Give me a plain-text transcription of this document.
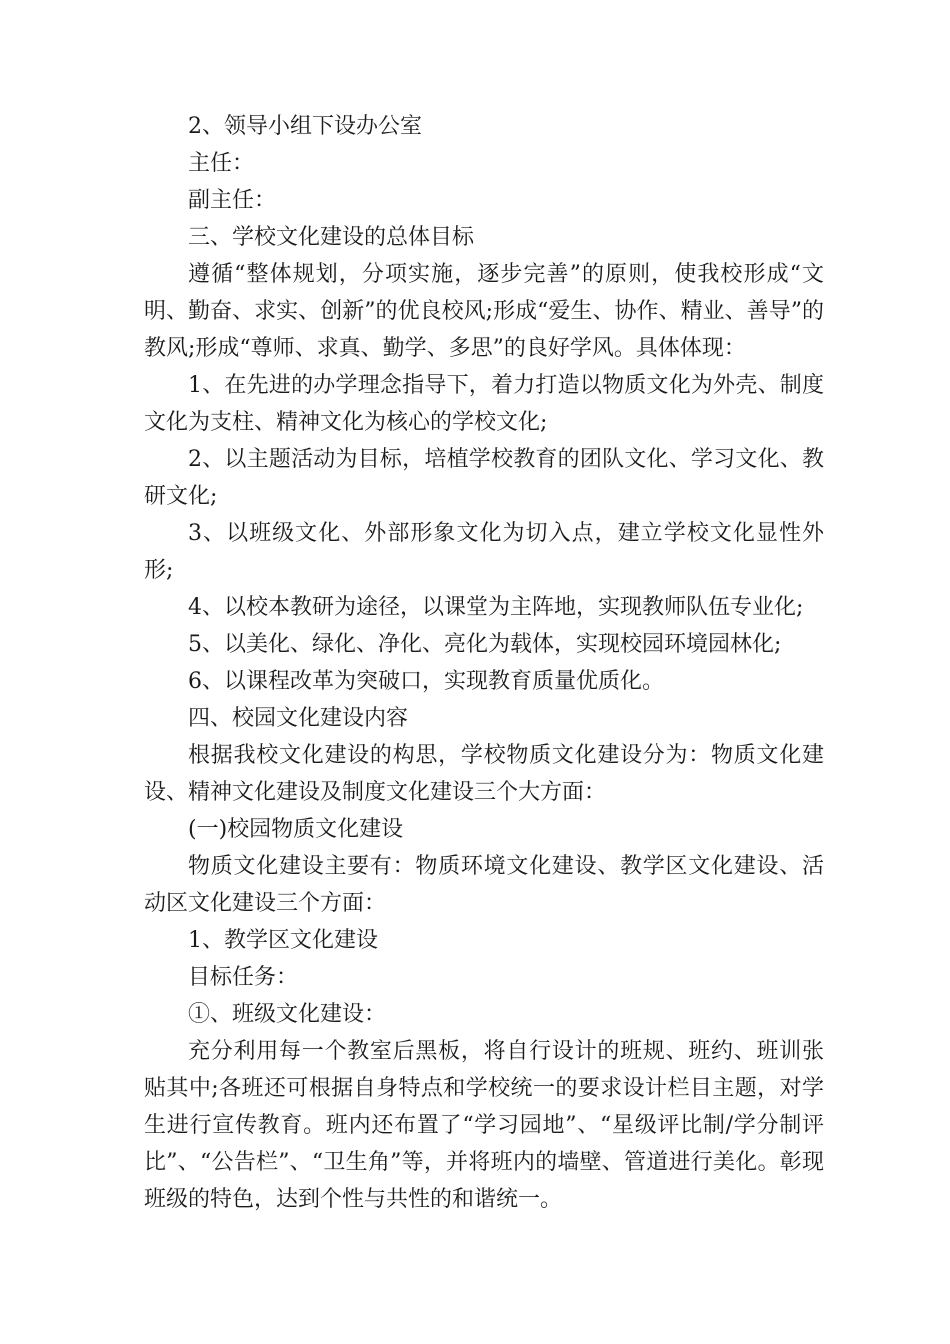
2、领导小组下设办公室

主任：

副主任：

三、学校文化建设的总体目标

遵循“整体规划，分项实施，逐步完善”的原则，使我校形成“文明、勤奋、求实、创新”的优良校风;形成“爱生、协作、精业、善导”的教风;形成“尊师、求真、勤学、多思”的良好学风。具体体现：

1、在先进的办学理念指导下，着力打造以物质文化为外壳、制度文化为支柱、精神文化为核心的学校文化;

2、以主题活动为目标，培植学校教育的团队文化、学习文化、教研文化;

3、以班级文化、外部形象文化为切入点，建立学校文化显性外形;

4、以校本教研为途径，以课堂为主阵地，实现教师队伍专业化;

5、以美化、绿化、净化、亮化为载体，实现校园环境园林化;

6、以课程改革为突破口，实现教育质量优质化。

四、校园文化建设内容

根据我校文化建设的构思，学校物质文化建设分为：物质文化建设、精神文化建设及制度文化建设三个大方面：

(一)校园物质文化建设

物质文化建设主要有：物质环境文化建设、教学区文化建设、活动区文化建设三个方面：

1、教学区文化建设

目标任务：

①、班级文化建设：

充分利用每一个教室后黑板，将自行设计的班规、班约、班训张贴其中;各班还可根据自身特点和学校统一的要求设计栏目主题，对学生进行宣传教育。班内还布置了“学习园地”、“星级评比制/学分制评比”、“公告栏”、“卫生角”等，并将班内的墙壁、管道进行美化。彰现班级的特色，达到个性与共性的和谐统一。
